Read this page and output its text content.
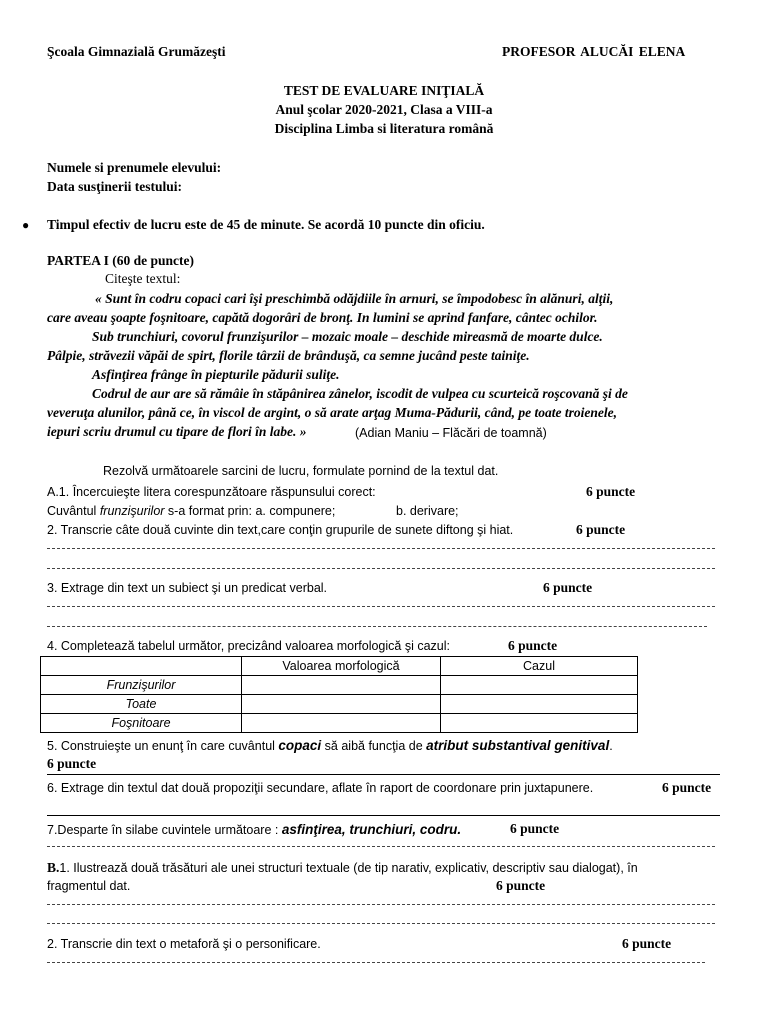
Şcoala Gimnazială Grumăzeşti	PROFESOR ALUCĂI ELENA
TEST DE EVALUARE INIŢIALĂ
Anul şcolar 2020-2021, Clasa a VIII-a
Disciplina Limba si literatura română
Numele si prenumele elevului:
Data susţinerii testului:
● Timpul efectiv de lucru este de 45 de minute. Se acordă 10 puncte din oficiu.
PARTEA I (60 de puncte)
Citeşte textul:
« Sunt în codru copaci cari îşi preschimbă odăjdiile în arnuri, se împodobesc în alănuri, alţii,
care aveau şoapte foşnitoare, capătă dogorâri de bronţ. In lumini se aprind fanfare, cântec ochilor.
Sub trunchiuri, covorul frunzişurilor – mozaic moale – deschide mireasmă de moarte dulce.
Pâlpie, străvezii văpăi de spirt, florile târzii de brânduşă, ca semne jucând peste tainiţe.
Asfinţirea frânge în piepturile pădurii suliţe.
Codrul de aur are să rămâie în stăpânirea zânelor, iscodit de vulpea cu scurteică roşcovană şi de
veveruţa alunilor, până ce, în viscol de argint, o să arate arţag Muma-Pădurii, când, pe toate troienele,
iepuri scriu drumul cu tipare de flori în labe. »	(Adian Maniu – Flăcări de toamnă)
Rezolvă următoarele sarcini de lucru, formulate pornind de la textul dat.
A.1. Încercuieşte litera corespunzătoare răspunsului corect:	6 puncte
Cuvântul frunzişurilor s-a format prin: a. compunere;	b. derivare;
2. Transcrie câte două cuvinte din text,care conţin grupurile de sunete diftong şi hiat.	6 puncte
3. Extrage din text un subiect şi un predicat verbal.	6 puncte
4. Completează tabelul următor, precizând valoarea morfologică şi cazul:	6 puncte
	Valoarea morfologică	Cazul
Frunzişurilor		
Toate		
Foşnitoare		
5. Construieşte un enunţ în care cuvântul copaci să aibă funcţia de atribut substantival genitival.
6 puncte
6. Extrage din textul dat două propoziţii secundare, aflate în raport de coordonare prin juxtapunere.	6 puncte
7.Desparte în silabe cuvintele următoare : asfinţirea, trunchiuri, codru.	6 puncte
B.1. Ilustrează două trăsături ale unei structuri textuale (de tip narativ, explicativ, descriptiv sau dialogat), în
fragmentul dat.	6 puncte
2. Transcrie din text o metaforă şi o personificare.	6 puncte
